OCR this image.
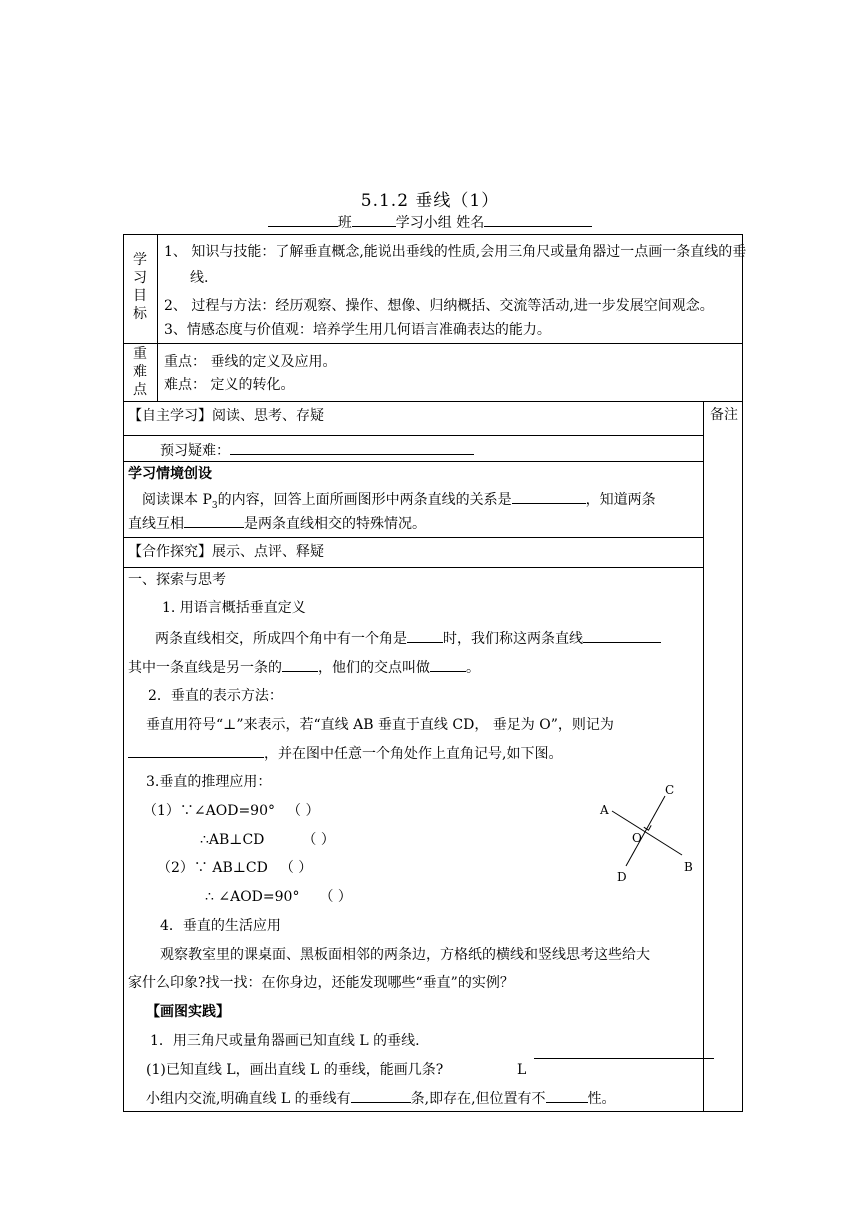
5.1.2 垂线（1）
班	学习小组 姓名
学
习
目
标
1、 知识与技能：了解垂直概念,能说出垂线的性质,会用三角尺或量角器过一点画一条直线的垂
线.
2、 过程与方法：经历观察、操作、想像、归纳概括、交流等活动,进一步发展空间观念。
3、情感态度与价值观：培养学生用几何语言准确表达的能力。
重
难
点
重点： 垂线的定义及应用。
难点： 定义的转化。
【自主学习】阅读、思考、存疑	备注
预习疑难：
学习情境创设
阅读课本 $P_3$的内容，回答上面所画图形中两条直线的关系是	，知道两条
直线互相	是两条直线相交的特殊情况。
【合作探究】展示、点评、释疑
一、探索与思考
1. 用语言概括垂直定义
两条直线相交，所成四个角中有一个角是	时，我们称这两条直线
其中一条直线是另一条的	，他们的交点叫做	。
2．垂直的表示方法：
垂直用符号“⊥”来表示，若“直线 AB 垂直于直线 CD， 垂足为 O”，则记为
，并在图中任意一个角处作上直角记号,如下图。
3.垂直的推理应用：
（1）∵∠AOD=90° （ ）
∴AB⊥CD	（ ）
（2）∵ AB⊥CD （ ）
∴ ∠AOD=90° （ ）
A
B
C
D
O
4．垂直的生活应用
观察教室里的课桌面、黑板面相邻的两条边，方格纸的横线和竖线思考这些给大
家什么印象?找一找：在你身边，还能发现哪些“垂直”的实例？
【画图实践】
1．用三角尺或量角器画已知直线 L 的垂线.
(1)已知直线 L，画出直线 L 的垂线，能画几条?	L
小组内交流,明确直线 L 的垂线有	条,即存在,但位置有不	性。
